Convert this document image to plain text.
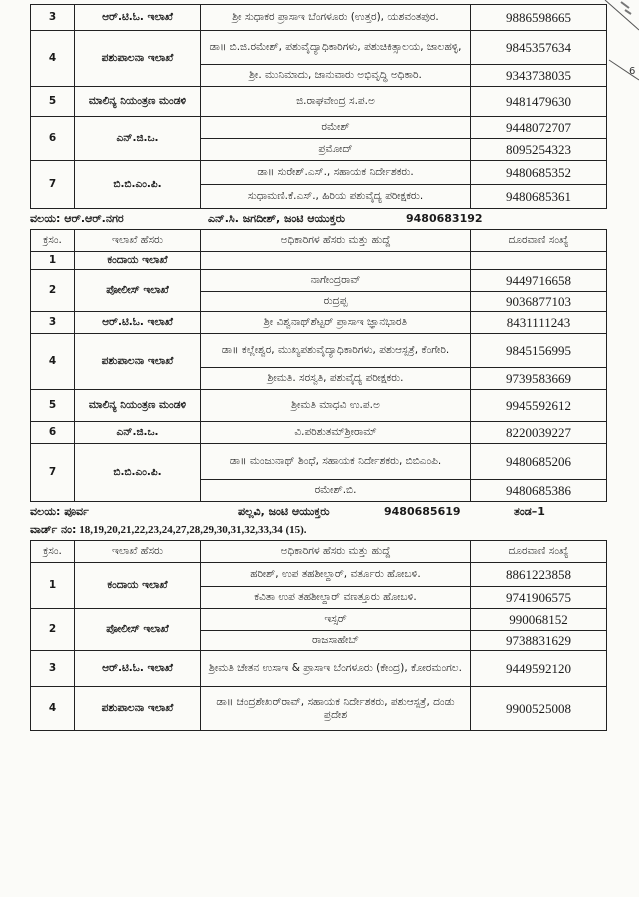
6
3	ಆರ್.ಟಿ.ಓ. ಇಲಾಖೆ	ಶ್ರೀ ಸುಧಾಕರ ಪ್ರಾಸಾಇ ಬೆಂಗಳೂರು (ಉತ್ತರ), ಯಶವಂತಪುರ.	9886598665
4	ಪಶುಪಾಲನಾ ಇಲಾಖೆ	ಡಾ॥ ಬಿ.ಜಿ.ರಮೇಶ್, ಪಶುವೈದ್ಯಾಧಿಕಾರಿಗಳು, ಪಶುಚಿಕಿತ್ಸಾಲಯ, ಜಾಲಹಳ್ಳಿ,	9845357634
		ಶ್ರೀ. ಮುನಿಮಾದು, ಜಾನುವಾರು ಅಭಿವೃದ್ಧಿ ಅಧಿಕಾರಿ.	9343738035
5	ಮಾಲಿನ್ಯ ನಿಯಂತ್ರಣ ಮಂಡಳಿ	ಜಿ.ರಾಘವೇಂದ್ರ ಸ.ಪ.ಅ	9481479630
6	ಎನ್.ಜಿ.ಒ.	ರಮೇಶ್	9448072707
		ಪ್ರಮೋದ್	8095254323
7	ಬಿ.ಬಿ.ಎಂ.ಪಿ.	ಡಾ॥ ಸುರೇಶ್.ಎಸ್., ಸಹಾಯಕ ನಿರ್ದೇಶಕರು.	9480685352
		ಸುಧಾಮಣಿ.ಕೆ.ಎಸ್., ಹಿರಿಯ ಪಶುವೈದ್ಯ ಪರೀಕ್ಷಕರು.	9480685361
ವಲಯ: ಆರ್.ಆರ್.ನಗರ	ಎನ್.ಸಿ. ಜಗದೀಶ್, ಜಂಟಿ ಆಯುಕ್ತರು	9480683192
ಕ್ರಸಂ.	ಇಲಾಖೆ ಹೆಸರು	ಅಧಿಕಾರಿಗಳ ಹೆಸರು ಮತ್ತು ಹುದ್ದೆ	ದೂರವಾಣಿ ಸಂಖ್ಯೆ
1	ಕಂದಾಯ ಇಲಾಖೆ		
2	ಪೋಲೀಸ್ ಇಲಾಖೆ	ನಾಗೇಂದ್ರರಾವ್	9449716658
		ರುದ್ರಪ್ಪ	9036877103
3	ಆರ್.ಟಿ.ಓ. ಇಲಾಖೆ	ಶ್ರೀ ವಿಶ್ವನಾಥ್‌ಶೆಟ್ಟರ್ ಪ್ರಾಸಾಇ ಜ್ಞಾನಭಾರತಿ	8431111243
4	ಪಶುಪಾಲನಾ ಇಲಾಖೆ	ಡಾ॥ ಕಲ್ಲೇಶ್ವರ, ಮುಖ್ಯಪಶುವೈದ್ಯಾಧಿಕಾರಿಗಳು, ಪಶುಆಸ್ಪತ್ರೆ, ಕೆಂಗೇರಿ.	9845156995
		ಶ್ರೀಮತಿ. ಸರಸ್ವತಿ, ಪಶುವೈದ್ಯ ಪರೀಕ್ಷಕರು.	9739583669
5	ಮಾಲಿನ್ಯ ನಿಯಂತ್ರಣ ಮಂಡಳಿ	ಶ್ರೀಮತಿ ಮಾಧವಿ ಉ.ಪ.ಅ	9945592612
6	ಎನ್.ಜಿ.ಒ.	ವಿ.ಪರಿಶುತಮ್‌ಶ್ರೀರಾಮ್	8220039227
7	ಬಿ.ಬಿ.ಎಂ.ಪಿ.	ಡಾ॥ ಮಂಜುನಾಥ್ ಶಿಂಧೆ, ಸಹಾಯಕ ನಿರ್ದೇಶಕರು, ಬಿಬಿಎಂಪಿ.	9480685206
		ರಮೇಶ್.ಬಿ.	9480685386
ವಲಯ: ಪೂರ್ವ	ಪಲ್ಲವಿ, ಜಂಟಿ ಆಯುಕ್ತರು	9480685619	ತಂಡ–1
ವಾರ್ಡ್ ನಂ: 18,19,20,21,22,23,24,27,28,29,30,31,32,33,34 (15).
ಕ್ರಸಂ.	ಇಲಾಖೆ ಹೆಸರು	ಅಧಿಕಾರಿಗಳ ಹೆಸರು ಮತ್ತು ಹುದ್ದೆ	ದೂರವಾಣಿ ಸಂಖ್ಯೆ
1	ಕಂದಾಯ ಇಲಾಖೆ	ಹರೀಶ್, ಉಪ ತಹಶೀಲ್ದಾರ್, ವರ್ತೂರು ಹೋಬಳಿ.	8861223858
		ಕವಿತಾ ಉಪ ತಹಶೀಲ್ದಾರ್ ವಣತ್ತೂರು ಹೋಬಳಿ.	9741906575
2	ಪೋಲೀಸ್ ಇಲಾಖೆ	ಇಸ್ಸರ್	990068152
		ರಾಜಸಾಹೇಬ್	9738831629
3	ಆರ್.ಟಿ.ಓ. ಇಲಾಖೆ	ಶ್ರೀಮತಿ ಚೇತನ ಉಸಾಇ & ಪ್ರಾಸಾಇ ಬೆಂಗಳೂರು (ಕೇಂದ್ರ), ಕೋರಮಂಗಲ.	9449592120
4	ಪಶುಪಾಲನಾ ಇಲಾಖೆ	ಡಾ॥ ಚಂದ್ರಶೇಖರ್‌ರಾವ್, ಸಹಾಯಕ ನಿರ್ದೇಶಕರು, ಪಶುಆಸ್ಪತ್ರೆ, ದಂಡು ಪ್ರದೇಶ	9900525008
